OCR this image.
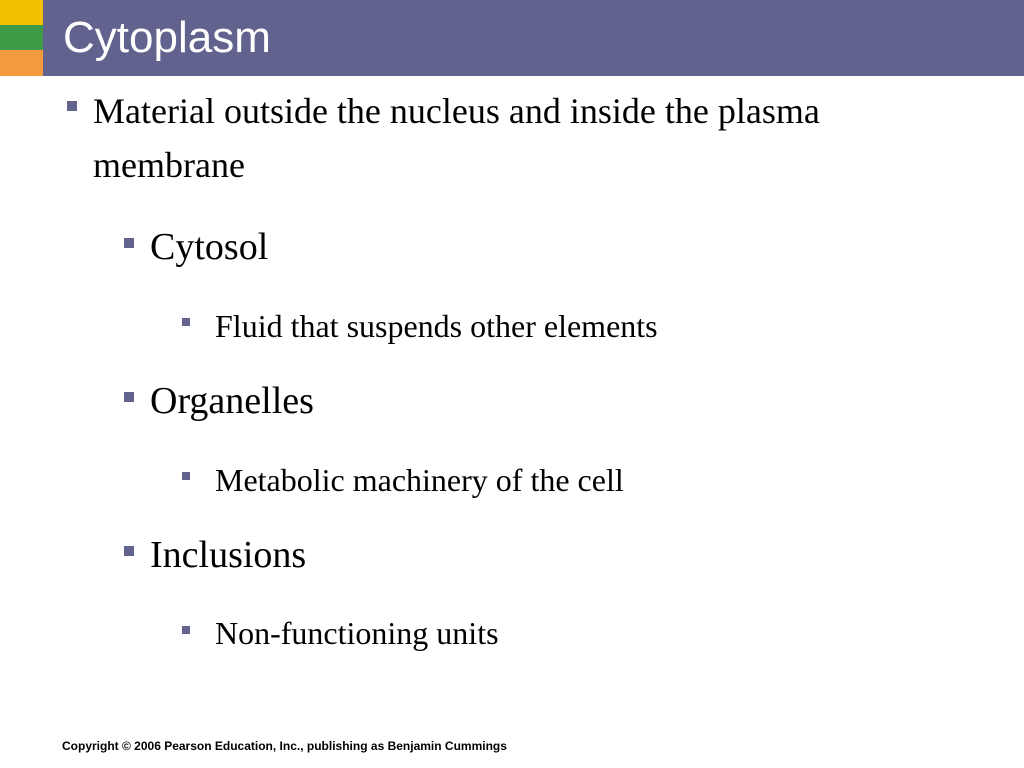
Cytoplasm
Material outside the nucleus and inside the plasma membrane
Cytosol
Fluid that suspends other elements
Organelles
Metabolic machinery of the cell
Inclusions
Non-functioning units
Copyright © 2006 Pearson Education, Inc., publishing as Benjamin Cummings
